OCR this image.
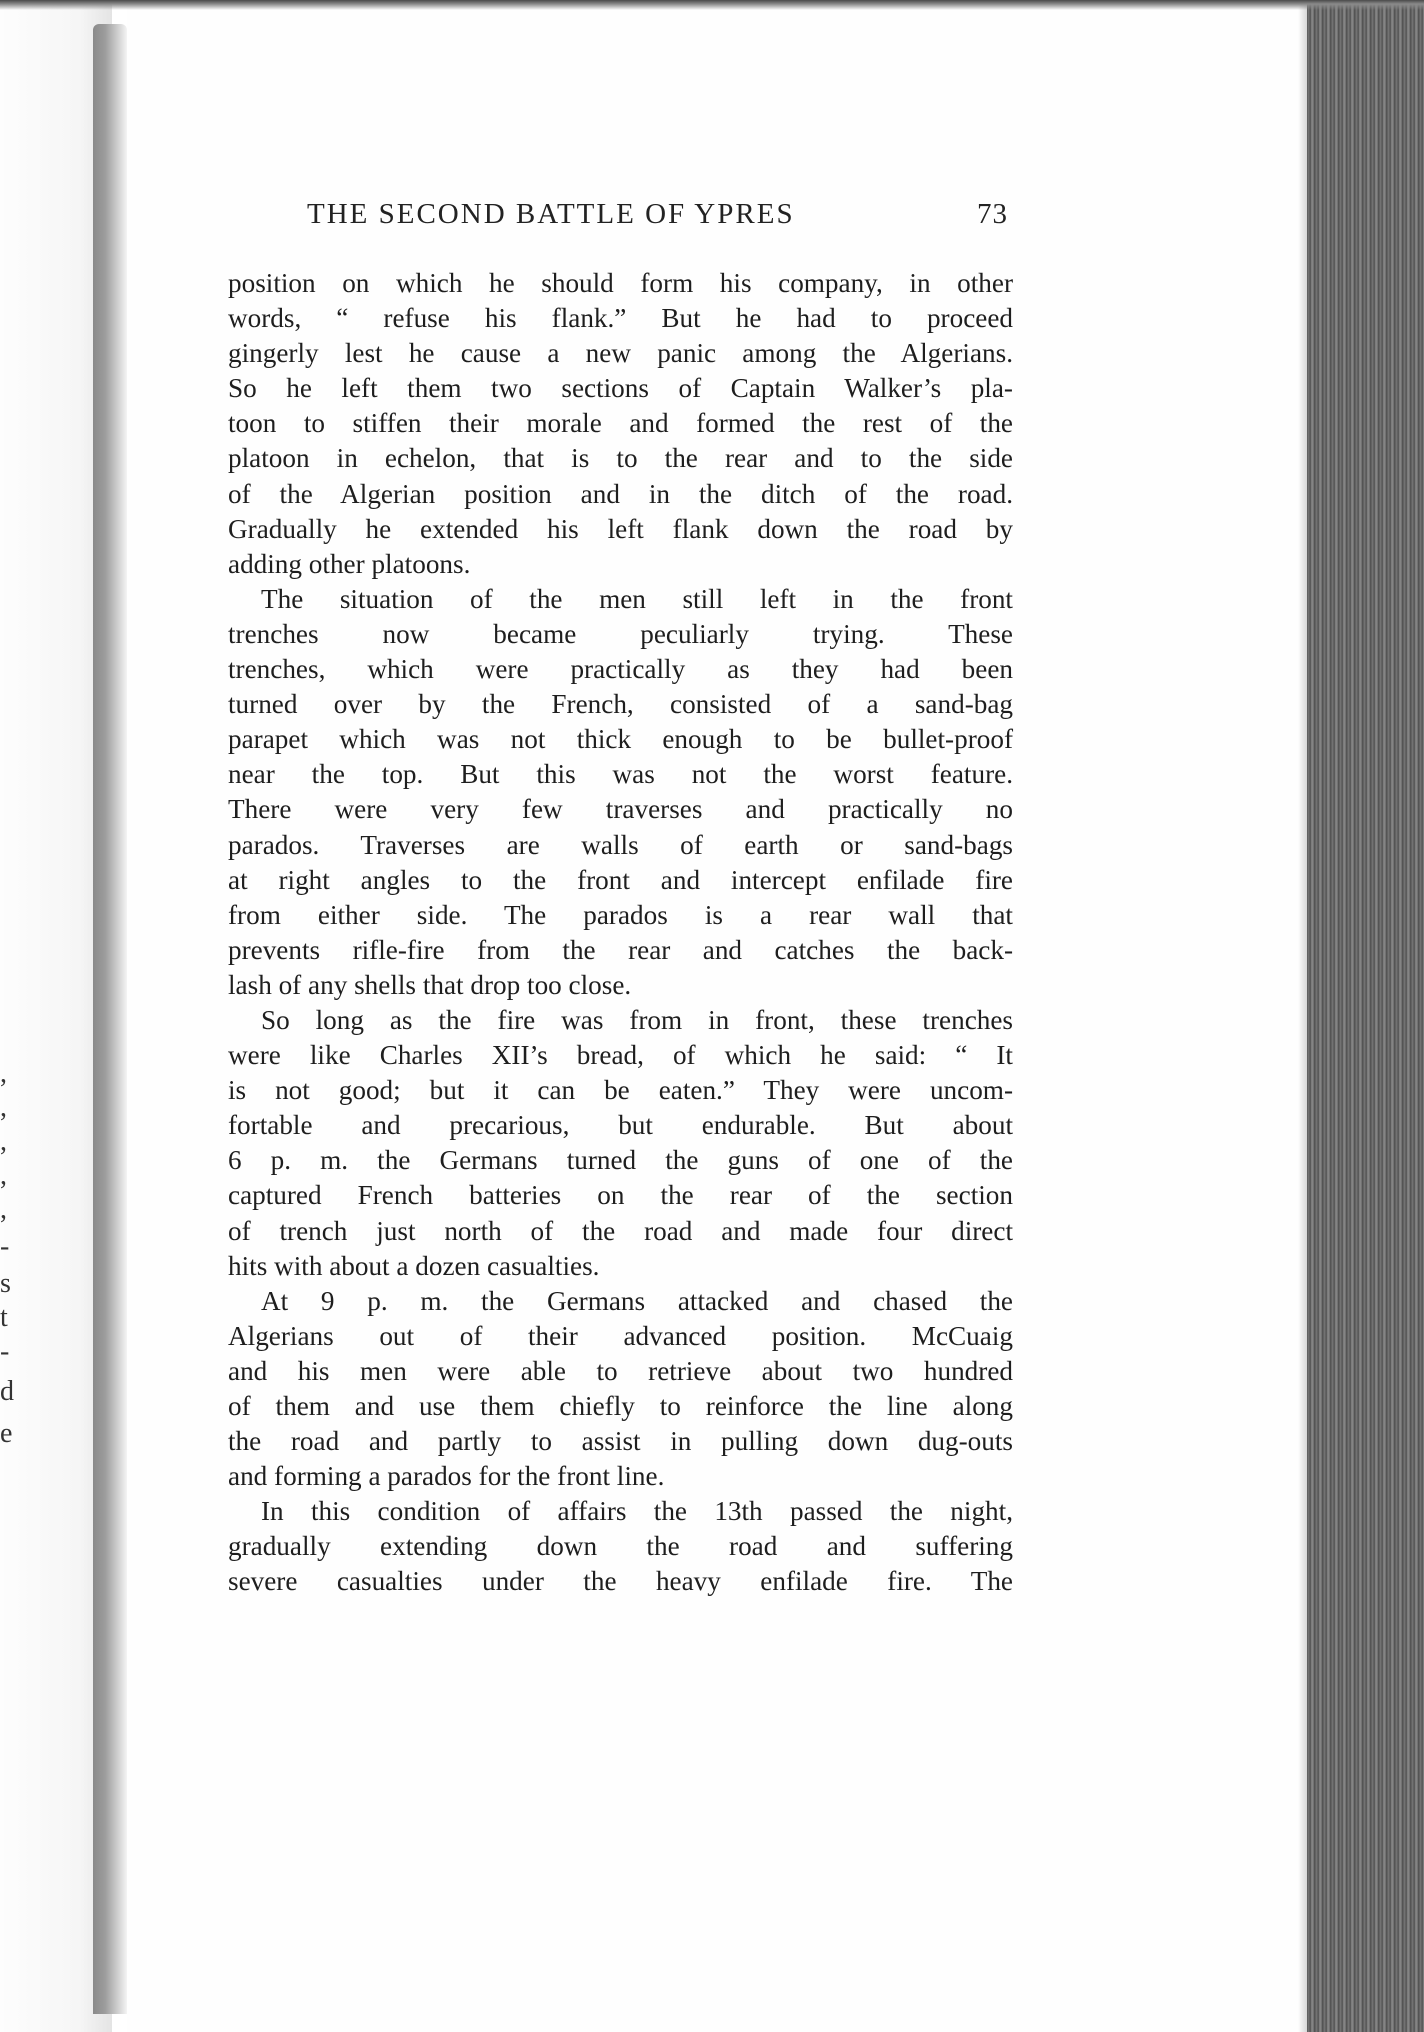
,
,
,
,
,
-
s
t
-
d
e
THE SECOND BATTLE OF YPRES	73
position on which he should form his company, in other
words, “ refuse his flank.” But he had to proceed
gingerly lest he cause a new panic among the Algerians.
So he left them two sections of Captain Walker’s pla-
toon to stiffen their morale and formed the rest of the
platoon in echelon, that is to the rear and to the side
of the Algerian position and in the ditch of the road.
Gradually he extended his left flank down the road by
adding other platoons.
The situation of the men still left in the front
trenches now became peculiarly trying. These
trenches, which were practically as they had been
turned over by the French, consisted of a sand-bag
parapet which was not thick enough to be bullet-proof
near the top. But this was not the worst feature.
There were very few traverses and practically no
parados. Traverses are walls of earth or sand-bags
at right angles to the front and intercept enfilade fire
from either side. The parados is a rear wall that
prevents rifle-fire from the rear and catches the back-
lash of any shells that drop too close.
So long as the fire was from in front, these trenches
were like Charles XII’s bread, of which he said: “ It
is not good; but it can be eaten.” They were uncom-
fortable and precarious, but endurable. But about
6 p. m. the Germans turned the guns of one of the
captured French batteries on the rear of the section
of trench just north of the road and made four direct
hits with about a dozen casualties.
At 9 p. m. the Germans attacked and chased the
Algerians out of their advanced position. McCuaig
and his men were able to retrieve about two hundred
of them and use them chiefly to reinforce the line along
the road and partly to assist in pulling down dug-outs
and forming a parados for the front line.
In this condition of affairs the 13th passed the night,
gradually extending down the road and suffering
severe casualties under the heavy enfilade fire. The
